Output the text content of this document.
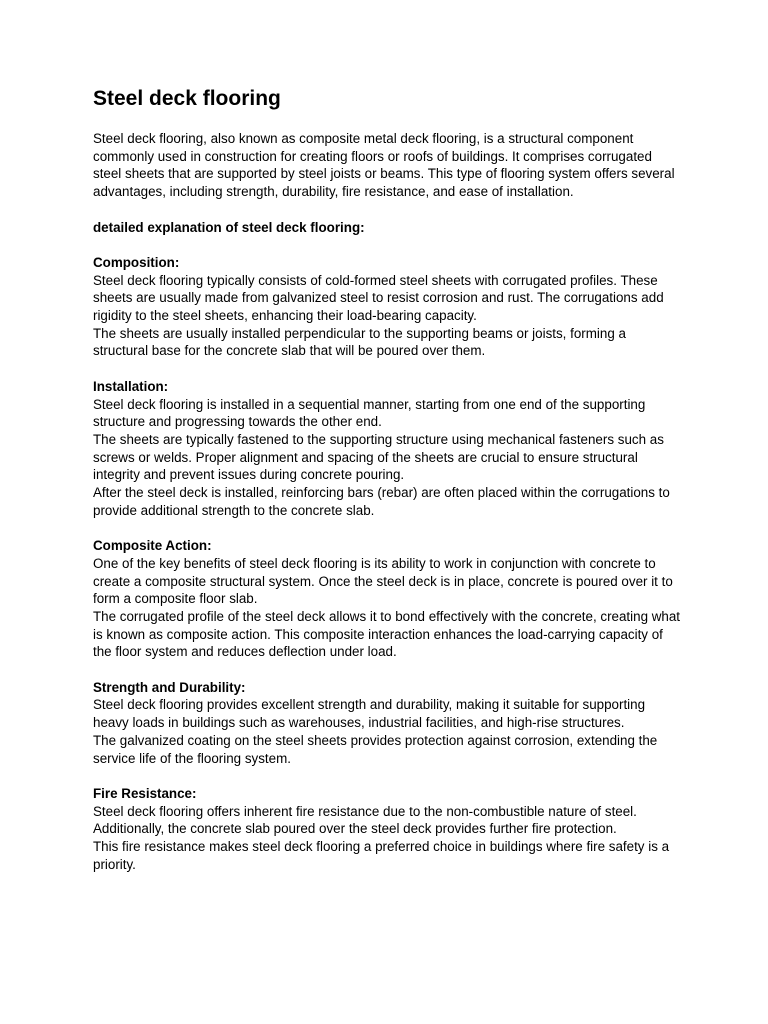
Steel deck flooring

Steel deck flooring, also known as composite metal deck flooring, is a structural component commonly used in construction for creating floors or roofs of buildings. It comprises corrugated steel sheets that are supported by steel joists or beams. This type of flooring system offers several advantages, including strength, durability, fire resistance, and ease of installation.

detailed explanation of steel deck flooring:

Composition:

Steel deck flooring typically consists of cold-formed steel sheets with corrugated profiles. These sheets are usually made from galvanized steel to resist corrosion and rust. The corrugations add rigidity to the steel sheets, enhancing their load-bearing capacity.

The sheets are usually installed perpendicular to the supporting beams or joists, forming a structural base for the concrete slab that will be poured over them.

Installation:

Steel deck flooring is installed in a sequential manner, starting from one end of the supporting structure and progressing towards the other end.

The sheets are typically fastened to the supporting structure using mechanical fasteners such as screws or welds. Proper alignment and spacing of the sheets are crucial to ensure structural integrity and prevent issues during concrete pouring.

After the steel deck is installed, reinforcing bars (rebar) are often placed within the corrugations to provide additional strength to the concrete slab.

Composite Action:

One of the key benefits of steel deck flooring is its ability to work in conjunction with concrete to create a composite structural system. Once the steel deck is in place, concrete is poured over it to form a composite floor slab.

The corrugated profile of the steel deck allows it to bond effectively with the concrete, creating what is known as composite action. This composite interaction enhances the load-carrying capacity of the floor system and reduces deflection under load.

Strength and Durability:

Steel deck flooring provides excellent strength and durability, making it suitable for supporting heavy loads in buildings such as warehouses, industrial facilities, and high-rise structures.

The galvanized coating on the steel sheets provides protection against corrosion, extending the service life of the flooring system.

Fire Resistance:

Steel deck flooring offers inherent fire resistance due to the non-combustible nature of steel. Additionally, the concrete slab poured over the steel deck provides further fire protection.

This fire resistance makes steel deck flooring a preferred choice in buildings where fire safety is a priority.
